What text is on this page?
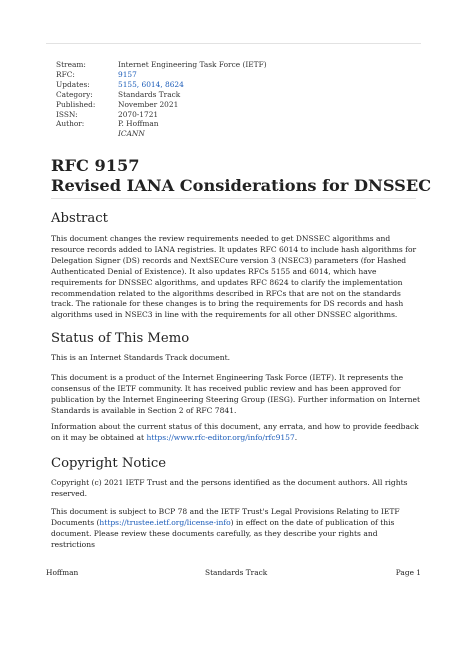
Stream:	Internet Engineering Task Force (IETF)
RFC:	9157
Updates:	5155, 6014, 8624
Category:	Standards Track
Published:	November 2021
ISSN:	2070-1721
Author:	P. Hoffman
ICANN
RFC 9157
Revised IANA Considerations for DNSSEC
Abstract
This document changes the review requirements needed to get DNSSEC algorithms and resource records added to IANA registries. It updates RFC 6014 to include hash algorithms for Delegation Signer (DS) records and NextSECure version 3 (NSEC3) parameters (for Hashed Authenticated Denial of Existence). It also updates RFCs 5155 and 6014, which have requirements for DNSSEC algorithms, and updates RFC 8624 to clarify the implementation recommendation related to the algorithms described in RFCs that are not on the standards track. The rationale for these changes is to bring the requirements for DS records and hash algorithms used in NSEC3 in line with the requirements for all other DNSSEC algorithms.
Status of This Memo
This is an Internet Standards Track document.
This document is a product of the Internet Engineering Task Force (IETF). It represents the consensus of the IETF community. It has received public review and has been approved for publication by the Internet Engineering Steering Group (IESG). Further information on Internet Standards is available in Section 2 of RFC 7841.
Information about the current status of this document, any errata, and how to provide feedback on it may be obtained at https://www.rfc-editor.org/info/rfc9157.
Copyright Notice
Copyright (c) 2021 IETF Trust and the persons identified as the document authors. All rights reserved.
This document is subject to BCP 78 and the IETF Trust's Legal Provisions Relating to IETF Documents (https://trustee.ietf.org/license-info) in effect on the date of publication of this document. Please review these documents carefully, as they describe your rights and restrictions
Hoffman	Standards Track	Page 1
